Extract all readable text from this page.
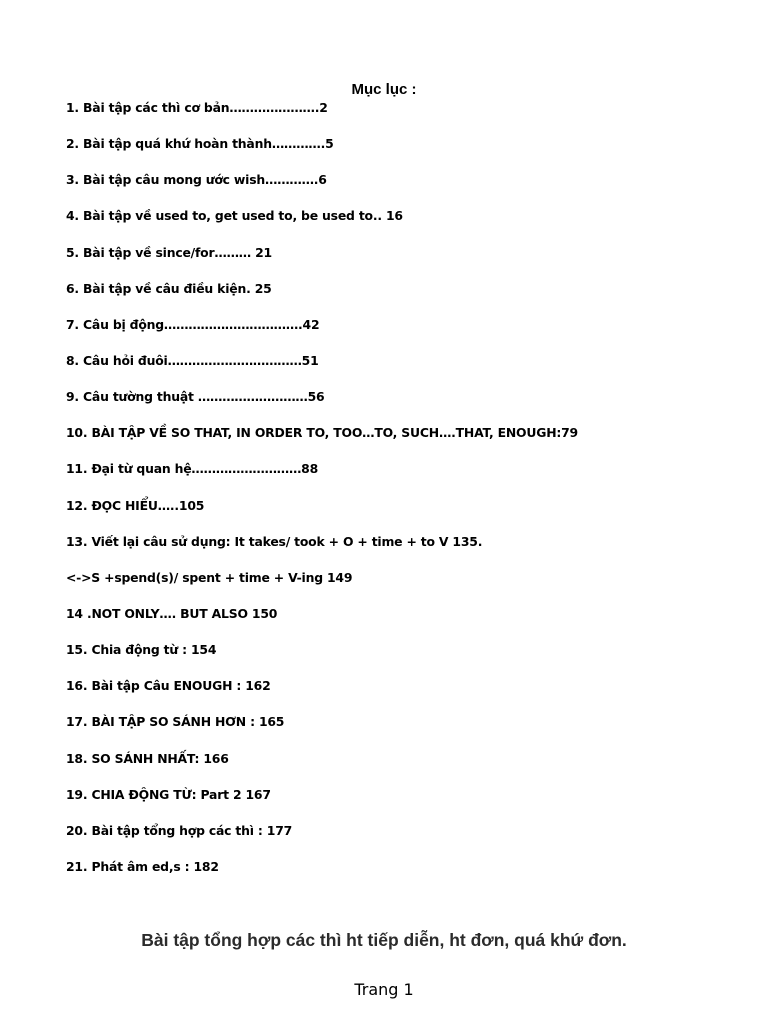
Mục lục :
1. Bài tập các thì cơ bản………………….2
2. Bài tập quá khứ hoàn thành………….5
3. Bài tập câu mong ước wish………….6
4. Bài tập về used to, get used to, be used to.. 16
5. Bài tập về since/for……… 21
6. Bài tập về câu điều kiện. 25
7. Câu bị động…………………………….42
8. Câu hỏi đuôi……………………………51
9. Câu tường thuật ………………………56
10. BÀI TẬP VỀ SO THAT, IN ORDER TO, TOO…TO, SUCH….THAT, ENOUGH:79
11. Đại từ quan hệ………………………88
12. ĐỌC HIỂU…..105
13. Viết lại câu sử dụng: It takes/ took + O + time + to V 135.
<->S +spend(s)/ spent + time + V-ing 149
14 .NOT ONLY…. BUT ALSO 150
15. Chia động từ : 154
16. Bài tập Câu ENOUGH : 162
17. BÀI TẬP SO SÁNH HƠN : 165
18. SO SÁNH NHẤT: 166
19. CHIA ĐỘNG TỪ: Part 2 167
20. Bài tập tổng hợp các thì : 177
21. Phát âm ed,s : 182
Bài tập tổng hợp các thì ht tiếp diễn, ht đơn, quá khứ đơn.
Trang 1
